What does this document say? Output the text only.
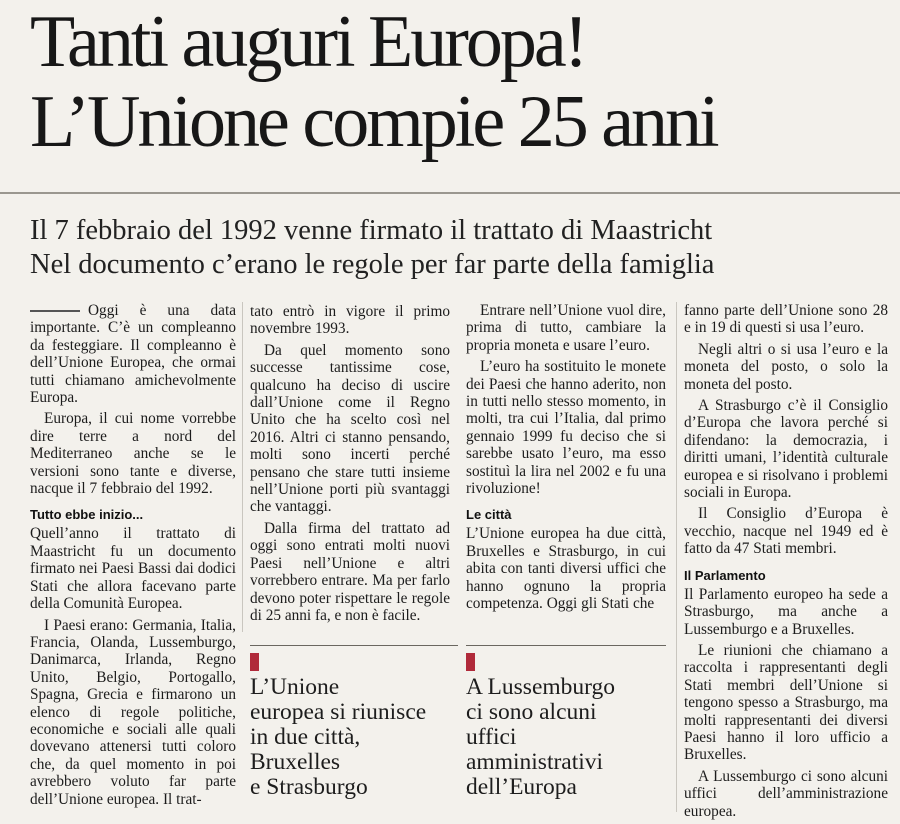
Tanti auguri Europa!
L’Unione compie 25 anni
Il 7 febbraio del 1992 venne firmato il trattato di Maastricht
Nel documento c’erano le regole per far parte della famiglia

Oggi è una data importante. C’è un compleanno da festeggiare. Il compleanno è dell’Unione Europea, che ormai tutti chiamano amichevolmente Europa.

Europa, il cui nome vorrebbe dire terre a nord del Mediterraneo anche se le versioni sono tante e diverse, nacque il 7 febbraio del 1992.

Tutto ebbe inizio...

Quell’anno il trattato di Maastricht fu un documento firmato nei Paesi Bassi dai dodici Stati che allora facevano parte della Comunità Europea.

I Paesi erano: Germania, Italia, Francia, Olanda, Lussemburgo, Danimarca, Irlanda, Regno Unito, Belgio, Portogallo, Spagna, Grecia e firmarono un elenco di regole politiche, economiche e sociali alle quali dovevano attenersi tutti coloro che, da quel momento in poi avrebbero voluto far parte dell’Unione europea. Il trat-

tato entrò in vigore il primo novembre 1993.

Da quel momento sono successe tantissime cose, qualcuno ha deciso di uscire dall’Unione come il Regno Unito che ha scelto così nel 2016. Altri ci stanno pensando, molti sono incerti perché pensano che stare tutti insieme nell’Unione porti più svantaggi che vantaggi.

Dalla firma del trattato ad oggi sono entrati molti nuovi Paesi nell’Unione e altri vorrebbero entrare. Ma per farlo devono poter rispettare le regole di 25 anni fa, e non è facile.

Entrare nell’Unione vuol dire, prima di tutto, cambiare la propria moneta e usare l’euro.

L’euro ha sostituito le monete dei Paesi che hanno aderito, non in tutti nello stesso momento, in molti, tra cui l’Italia, dal primo gennaio 1999 fu deciso che si sarebbe usato l’euro, ma esso sostituì la lira nel 2002 e fu una rivoluzione!

Le città

L’Unione europea ha due città, Bruxelles e Strasburgo, in cui abita con tanti diversi uffici che hanno ognuno la propria competenza. Oggi gli Stati che

fanno parte dell’Unione sono 28 e in 19 di questi si usa l’euro.

Negli altri o si usa l’euro e la moneta del posto, o solo la moneta del posto.

A Strasburgo c’è il Consiglio d’Europa che lavora perché si difendano: la democrazia, i diritti umani, l’identità culturale europea e si risolvano i problemi sociali in Europa.

Il Consiglio d’Europa è vecchio, nacque nel 1949 ed è fatto da 47 Stati membri.

Il Parlamento

Il Parlamento europeo ha sede a Strasburgo, ma anche a Lussemburgo e a Bruxelles.

Le riunioni che chiamano a raccolta i rappresentanti degli Stati membri dell’Unione si tengono spesso a Strasburgo, ma molti rappresentanti dei diversi Paesi hanno il loro ufficio a Bruxelles.

A Lussemburgo ci sono alcuni uffici dell’amministrazione europea.

L’Unione
europea si riunisce
in due città,
Bruxelles
e Strasburgo
A Lussemburgo
ci sono alcuni
uffici
amministrativi
dell’Europa
